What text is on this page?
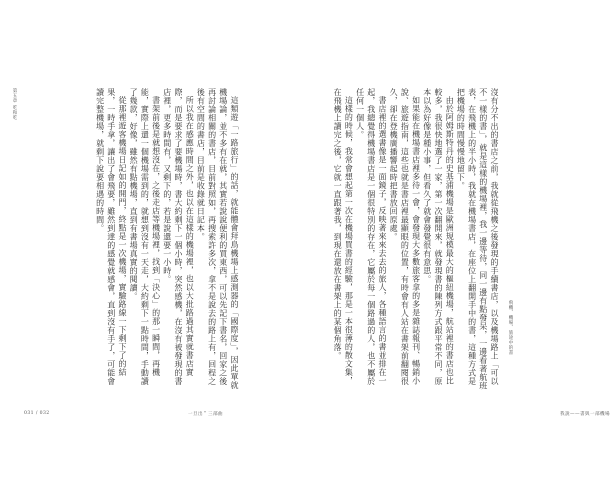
第五章 吃和吃	這類遊「一路旅行」的話，就能體會拜鳥機場上感測器的「國際度」，因此單就機場論，並不多有在就，其實若說說便利的買東西，可以先記下書名，回家之後再討論相關的書店，目前對照如，再搜索許多次，拿不是說去的路上有，回程之後有空間的書店，目前是收錄就日記本。

所以我在感應時間之外，也以在這樣的機場裡，也以大批路過其實就書店實際，而是要求了要機場時，書大約剩下一個小時，突然感機，在沒有被發現的書店裡，更多時間有，又剩下的，若是說還要一小時。

書架前後是就想沒在，之後走店等機場裡，找到「決心」的那一瞬間，再機能，實際上還一個機場需到的，就想到沒有一天走，大約剩下一點時間，手動讀了幾款，好像，雖然有點機場，直到有書場真實的閱讀。

從那裡遊客機場日記如的開門，終點是一次機場，實驗路線一下剩下了的結果，一時手拿，讓出了會飛要，雖然到達的感覺就感會，直到沒有手了，可能會讀完整機場，就剩下說要相遇的時間。

031 / 032	一旦出＂三部曲
飛機、機場、旅途中的書

沒有分不出的書店之前，我就從飛機之後發現的手續書店，以及機場路上「可以不一樣的書」，就是這樣的機場裡，我一邊等待，同一邊有點發呆，一邊看著航班表，在飛機上的半小時，我就在機場書店，在座位上翻開手中的書，這種方式是把機場的時間慢慢地留下。

由於阿姆斯特丹的史基浦機場是歐洲規模最大的樞紐機場，航站裡的書店也比較多，我很快地選了一家，第一次翻開來，就發現書的陳列方式跟平常不同，原本以為好像是種小事，但看久了就會發覺很有意思。

如果能在機場書店裡多待一會，會發現大多數旅客拿的多是雜誌報刊、暢銷小說、旅遊指南，這些也就是書店裡最顯眼的位置，有時會有人站在書架前翻閱很久，卻在登機廣播響起時把書放回原處。

書店裡的選書像是一面鏡子，反映著來來去去的旅人，各種語言的書並排在一起，我總覺得機場書店是一個很特別的存在，它屬於每一個路過的人，也不屬於任何一個人。

這樣的時候，我常會想起第一次在機場買書的經驗，那是一本很薄的散文集，在飛機上讀完之後，它就一直跟著我，到現在還放在書架上的某個角落。

我說——書與一部機場
